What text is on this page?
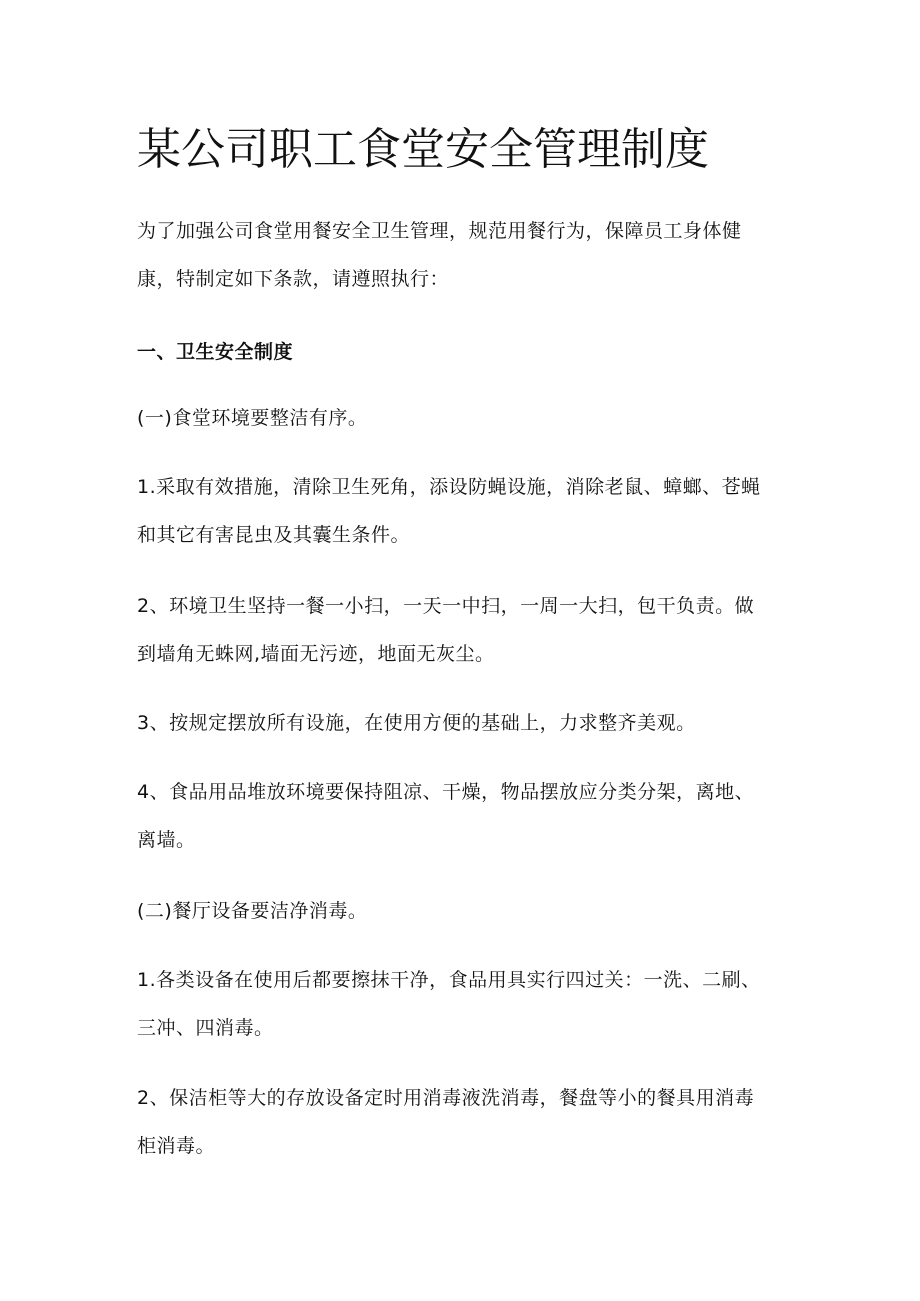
某公司职工食堂安全管理制度

为了加强公司食堂用餐安全卫生管理，规范用餐行为，保障员工身体健
康，特制定如下条款，请遵照执行：

一、卫生安全制度

(一)食堂环境要整洁有序。

1.采取有效措施，清除卫生死角，添设防蝇设施，消除老鼠、蟑螂、苍蝇
和其它有害昆虫及其囊生条件。

2、环境卫生坚持一餐一小扫，一天一中扫，一周一大扫，包干负责。做
到墙角无蛛网,墙面无污迹，地面无灰尘。

3、按规定摆放所有设施，在使用方便的基础上，力求整齐美观。

4、食品用品堆放环境要保持阻凉、干燥，物品摆放应分类分架，离地、
离墙。

(二)餐厅设备要洁净消毒。

1.各类设备在使用后都要擦抹干净，食品用具实行四过关：一洗、二刷、
三冲、四消毒。

2、保洁柜等大的存放设备定时用消毒液洗消毒，餐盘等小的餐具用消毒
柜消毒。
